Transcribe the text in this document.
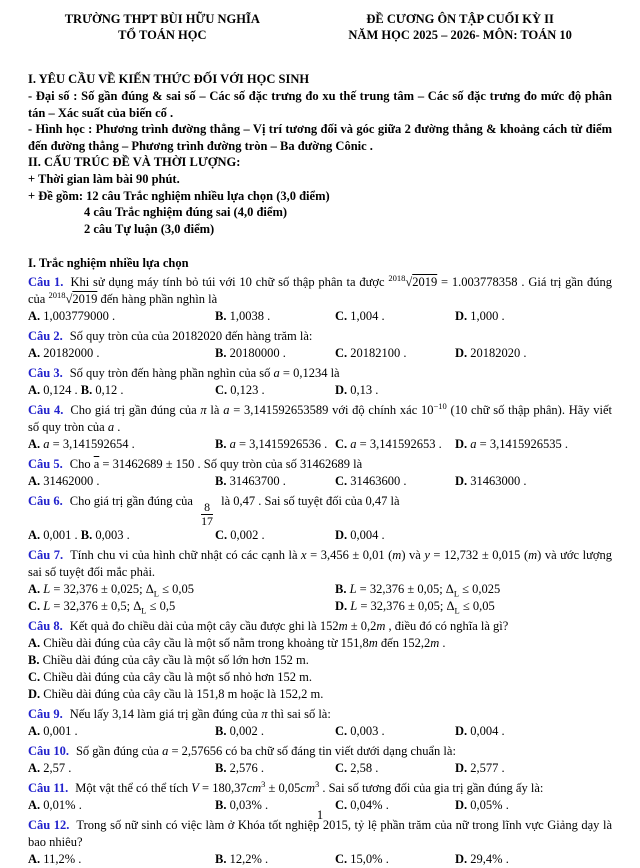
TRƯỜNG THPT BÙI HỮU NGHĨA
TỔ TOÁN HỌC
ĐỀ CƯƠNG ÔN TẬP CUỐI KỲ II
NĂM HỌC 2025 – 2026- MÔN: TOÁN 10

I. YÊU CẦU VỀ KIẾN THỨC ĐỐI VỚI HỌC SINH

- Đại số : Số gần đúng & sai số – Các số đặc trưng đo xu thế trung tâm – Các số đặc trưng đo mức độ phân tán – Xác suất của biến cố .

- Hình học : Phương trình đường thẳng – Vị trí tương đối và góc giữa 2 đường thẳng & khoảng cách từ điểm đến đường thẳng – Phương trình đường tròn – Ba đường Cônic .

II. CẤU TRÚC ĐỀ VÀ THỜI LƯỢNG:

+ Thời gian làm bài 90 phút.

+ Đề gồm: 12 câu Trắc nghiệm nhiều lựa chọn (3,0 điểm)

4 câu Trắc nghiệm đúng sai (4,0 điểm)

2 câu Tự luận (3,0 điểm)

I. Trắc nghiệm nhiều lựa chọn

Câu 1. Khi sử dụng máy tính bỏ túi với 10 chữ số thập phân ta được $^{2018}$√2019 = 1.003778358 . Giá trị gần đúng của $^{2018}$√2019 đến hàng phần nghìn là

A. 1,003779000 .	B. 1,0038 .	C. 1,004 .	D. 1,000 .

Câu 2. Số quy tròn của của 20182020 đến hàng trăm là:

A. 20182000 .	B. 20180000 .	C. 20182100 .	D. 20182020 .

Câu 3. Số quy tròn đến hàng phần nghìn của số a = 0,1234 là

A. 0,124 . B. 0,12 .	C. 0,123 .	D. 0,13 .

Câu 4. Cho giá trị gần đúng của π là a = 3,141592653589 với độ chính xác $10^{-10}$ (10 chữ số thập phân). Hãy viết số quy tròn của a .

A. a = 3,141592654 .	B. a = 3,1415926536 . C. a = 3,141592653 .	D. a = 3,1415926535 .

Câu 5. Cho $\overline{a} = 31462689 \pm 150$ . Số quy tròn của số 31462689 là

A. 31462000 .	B. 31463700 .	C. 31463600 .	D. 31463000 .

Câu 6. Cho giá trị gần đúng của
$\frac{8}{17}$
là 0,47 . Sai số tuyệt đối của 0,47 là

A. 0,001 . B. 0,003 .	C. 0,002 .	D. 0,004 .

Câu 7. Tính chu vi của hình chữ nhật có các cạnh là x = 3,456 ± 0,01 (m) và y = 12,732 ± 0,015 (m) và ước lượng sai số tuyệt đối mắc phải.

A. L = 32,376 ± 0,025; $\Delta_L \le 0,05$	B. L = 32,376 ± 0,05; $\Delta_L \le 0,025$
C. L = 32,376 ± 0,5; $\Delta_L \le 0,5$	D. L = 32,376 ± 0,05; $\Delta_L \le 0,05$

Câu 8. Kết quả đo chiều dài của một cây cầu được ghi là 152m ± 0,2m , điều đó có nghĩa là gì?

A. Chiều dài đúng của cây cầu là một số nằm trong khoảng từ 151,8m đến 152,2m .
B. Chiều dài đúng của cây cầu là một số lớn hơn 152 m.
C. Chiều dài đúng của cây cầu là một số nhỏ hơn 152 m.
D. Chiều dài đúng của cây cầu là 151,8 m hoặc là 152,2 m.

Câu 9. Nếu lấy 3,14 làm giá trị gần đúng của π thì sai số là:

A. 0,001 .	B. 0,002 .	C. 0,003 .	D. 0,004 .

Câu 10. Số gần đúng của a = 2,57656 có ba chữ số đáng tin viết dưới dạng chuẩn là:

A. 2,57 .	B. 2,576 .	C. 2,58 .	D. 2,577 .

Câu 11. Một vật thể có thể tích $V = 180,37cm^3 \pm 0,05cm^3$ . Sai số tương đối của gia trị gần đúng ấy là:

A. 0,01% .	B. 0,03% .	C. 0,04% .	D. 0,05% .

Câu 12. Trong số nữ sinh có việc làm ở Khóa tốt nghiệp 2015, tỷ lệ phần trăm của nữ trong lĩnh vực Giảng dạy là bao nhiêu?

A. 11,2% .	B. 12,2% .	C. 15,0% .	D. 29,4% .
1
